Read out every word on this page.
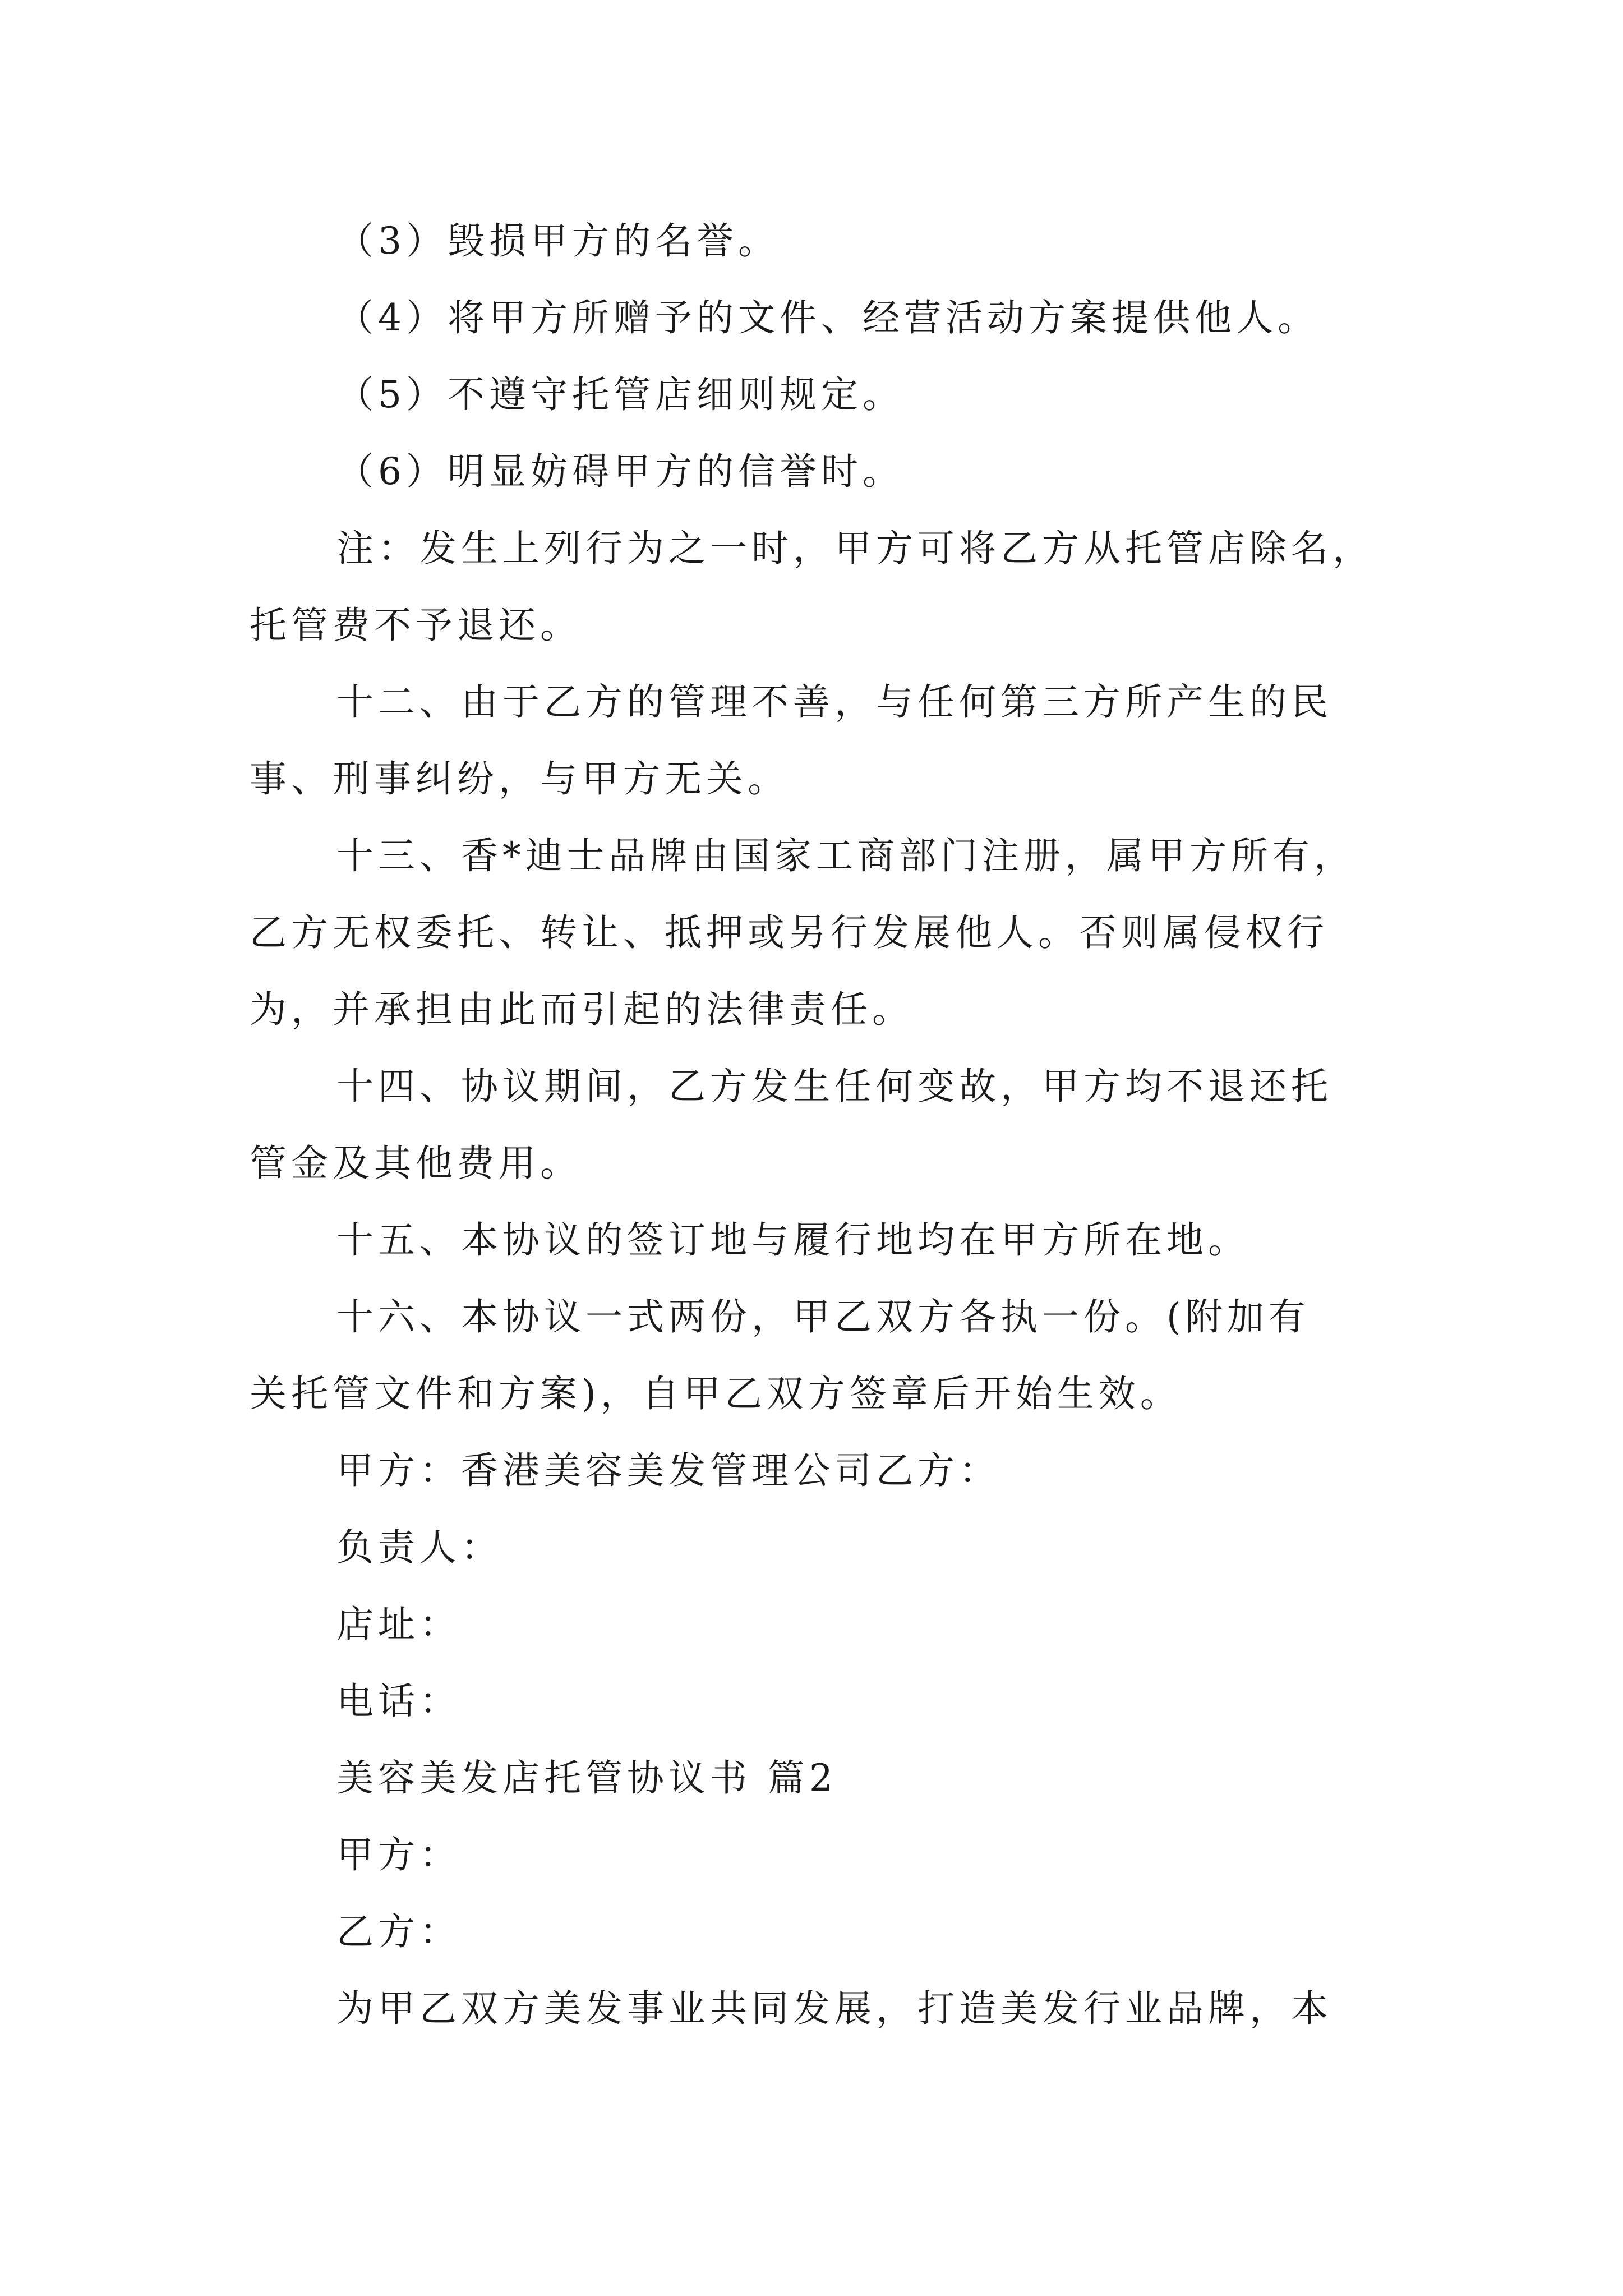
（3）毁损甲方的名誉。
（4）将甲方所赠予的文件、经营活动方案提供他人。
（5）不遵守托管店细则规定。
（6）明显妨碍甲方的信誉时。
注：发生上列行为之一时，甲方可将乙方从托管店除名，
托管费不予退还。
十二、由于乙方的管理不善，与任何第三方所产生的民
事、刑事纠纷，与甲方无关。
十三、香*迪士品牌由国家工商部门注册，属甲方所有，
乙方无权委托、转让、抵押或另行发展他人。否则属侵权行
为，并承担由此而引起的法律责任。
十四、协议期间，乙方发生任何变故，甲方均不退还托
管金及其他费用。
十五、本协议的签订地与履行地均在甲方所在地。
十六、本协议一式两份，甲乙双方各执一份。(附加有
关托管文件和方案)，自甲乙双方签章后开始生效。
甲方：香港美容美发管理公司乙方：
负责人：
店址：
电话：
美容美发店托管协议书 篇2
甲方：
乙方：
为甲乙双方美发事业共同发展，打造美发行业品牌，本
